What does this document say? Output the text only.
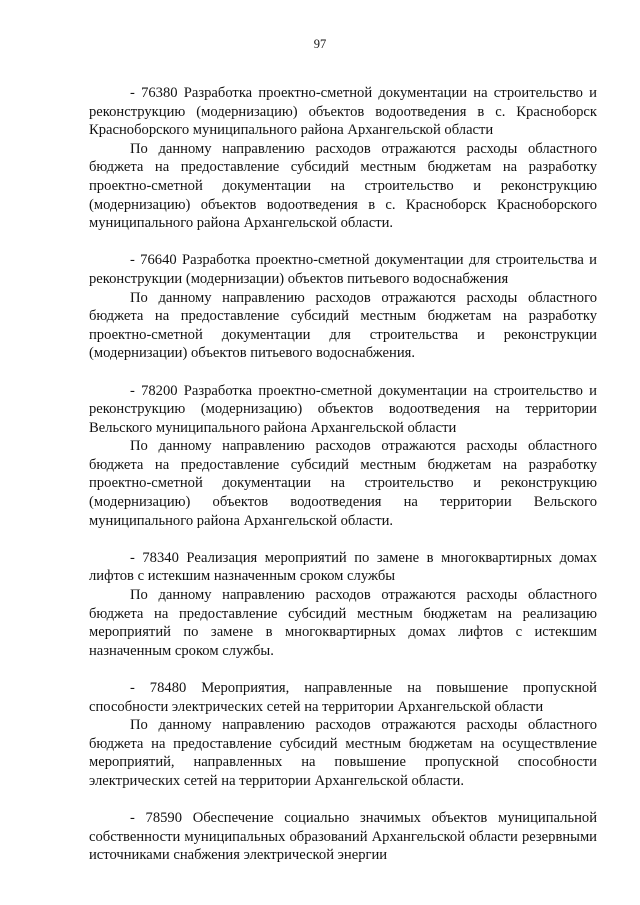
97

- 76380 Разработка проектно-сметной документации на строительство и реконструкцию (модернизацию) объектов водоотведения в с. Красноборск Красноборского муниципального района Архангельской области

По данному направлению расходов отражаются расходы областного бюджета на предоставление субсидий местным бюджетам на разработку проектно-сметной документации на строительство и реконструкцию (модернизацию) объектов водоотведения в с. Красноборск Красноборского муниципального района Архангельской области.

- 76640 Разработка проектно-сметной документации для строительства и реконструкции (модернизации) объектов питьевого водоснабжения

По данному направлению расходов отражаются расходы областного бюджета на предоставление субсидий местным бюджетам на разработку проектно-сметной документации для строительства и реконструкции (модернизации) объектов питьевого водоснабжения.

- 78200 Разработка проектно-сметной документации на строительство и реконструкцию (модернизацию) объектов водоотведения на территории Вельского муниципального района Архангельской области

По данному направлению расходов отражаются расходы областного бюджета на предоставление субсидий местным бюджетам на разработку проектно-сметной документации на строительство и реконструкцию (модернизацию) объектов водоотведения на территории Вельского муниципального района Архангельской области.

- 78340 Реализация мероприятий по замене в многоквартирных домах лифтов с истекшим назначенным сроком службы

По данному направлению расходов отражаются расходы областного бюджета на предоставление субсидий местным бюджетам на реализацию мероприятий по замене в многоквартирных домах лифтов с истекшим назначенным сроком службы.

- 78480 Мероприятия, направленные на повышение пропускной способности электрических сетей на территории Архангельской области

По данному направлению расходов отражаются расходы областного бюджета на предоставление субсидий местным бюджетам на осуществление мероприятий, направленных на повышение пропускной способности электрических сетей на территории Архангельской области.

- 78590 Обеспечение социально значимых объектов муниципальной собственности муниципальных образований Архангельской области резервными источниками снабжения электрической энергии
